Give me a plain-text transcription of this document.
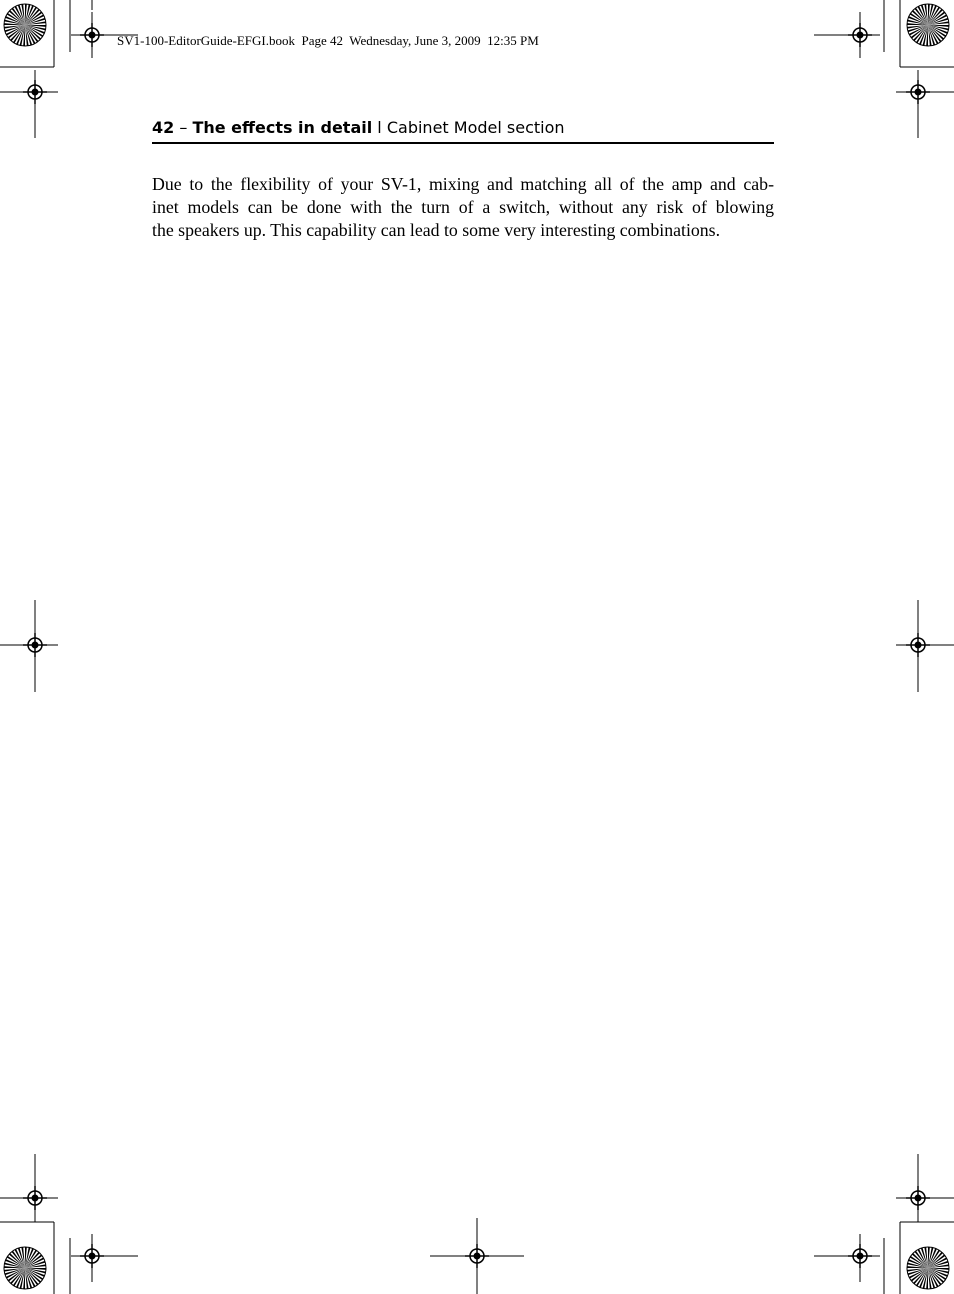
SV1-100-EditorGuide-EFGI.book  Page 42  Wednesday, June 3, 2009  12:35 PM
42 – The effects in detail l Cabinet Model section
Due to the flexibility of your SV-1, mixing and matching all of the amp and cab-
inet models can be done with the turn of a switch, without any risk of blowing
the speakers up. This capability can lead to some very interesting combinations.
